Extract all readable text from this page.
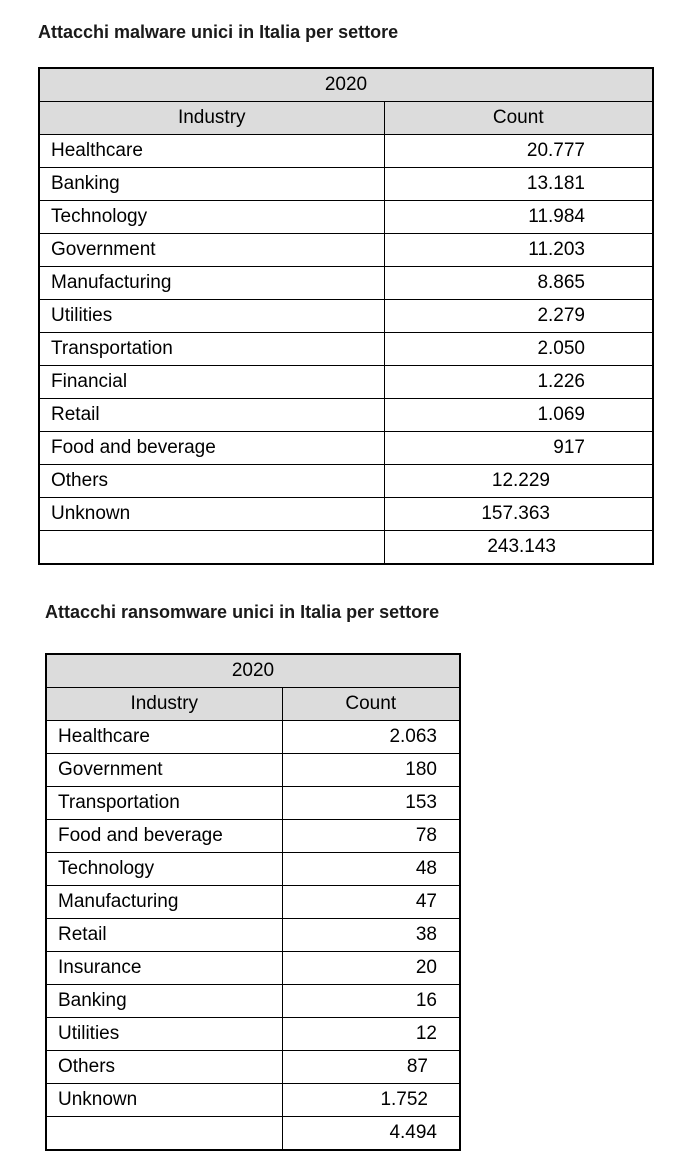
Attacchi malware unici in Italia per settore
2020	
Industry	Count
Healthcare	20.777
Banking	13.181
Technology	11.984
Government	11.203
Manufacturing	8.865
Utilities	2.279
Transportation	2.050
Financial	1.226
Retail	1.069
Food and beverage	917
Others	12.229
Unknown	157.363
	243.143
Attacchi ransomware unici in Italia per settore
2020	
Industry	Count
Healthcare	2.063
Government	180
Transportation	153
Food and beverage	78
Technology	48
Manufacturing	47
Retail	38
Insurance	20
Banking	16
Utilities	12
Others	87
Unknown	1.752
	4.494
